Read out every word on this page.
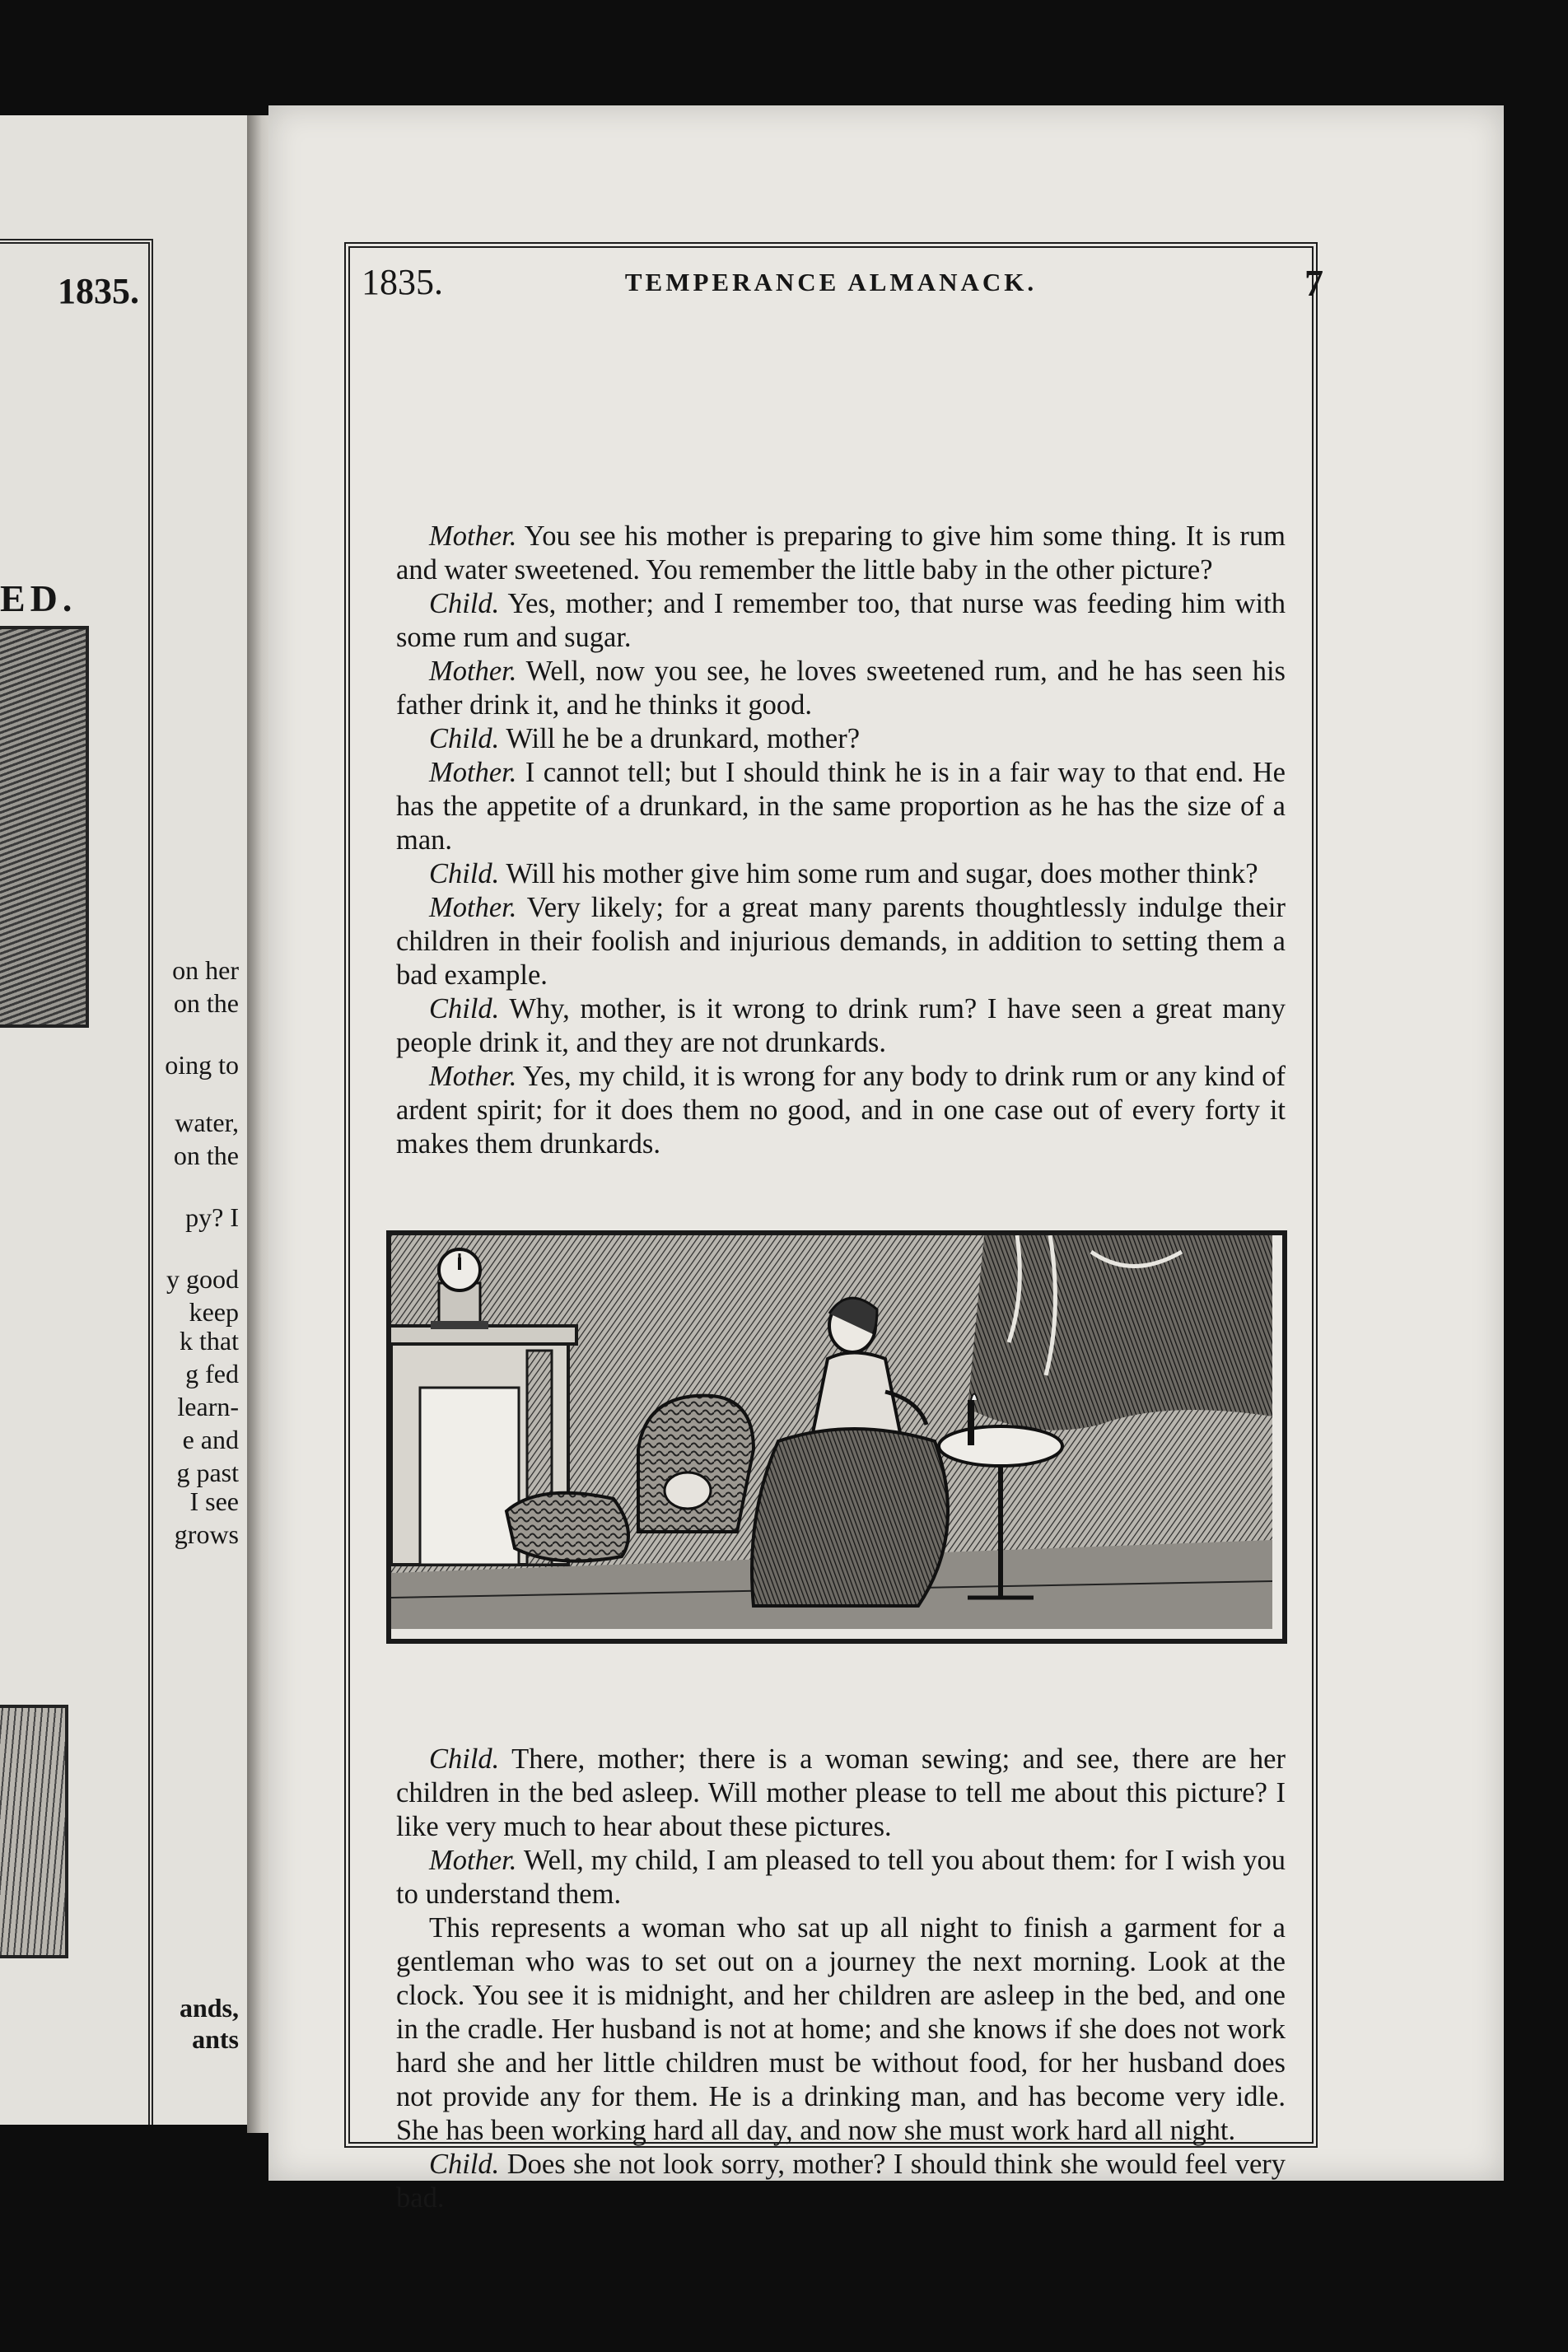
1835.
ED.
on her
on the
oing to
water,
on the
py? I
y good
keep
k that
g fed
learn-
e and
g past
I see
grows
ands,
ants
1835.	TEMPERANCE ALMANACK.	7

Mother. You see his mother is preparing to give him some thing. It is rum and water sweetened. You remember the little baby in the other picture?

Child. Yes, mother; and I remember too, that nurse was feeding him with some rum and sugar.

Mother. Well, now you see, he loves sweetened rum, and he has seen his father drink it, and he thinks it good.

Child. Will he be a drunkard, mother?

Mother. I cannot tell; but I should think he is in a fair way to that end. He has the appetite of a drunkard, in the same proportion as he has the size of a man.

Child. Will his mother give him some rum and sugar, does mother think?

Mother. Very likely; for a great many parents thoughtlessly indulge their children in their foolish and injurious demands, in addition to setting them a bad example.

Child. Why, mother, is it wrong to drink rum? I have seen a great many people drink it, and they are not drunkards.

Mother. Yes, my child, it is wrong for any body to drink rum or any kind of ardent spirit; for it does them no good, and in one case out of every forty it makes them drunkards.

Child. There, mother; there is a woman sewing; and see, there are her children in the bed asleep. Will mother please to tell me about this picture? I like very much to hear about these pictures.

Mother. Well, my child, I am pleased to tell you about them: for I wish you to understand them.

This represents a woman who sat up all night to finish a garment for a gentleman who was to set out on a journey the next morning. Look at the clock. You see it is midnight, and her children are asleep in the bed, and one in the cradle. Her husband is not at home; and she knows if she does not work hard she and her little children must be without food, for her husband does not provide any for them. He is a drinking man, and has become very idle. She has been working hard all day, and now she must work hard all night.

Child. Does she not look sorry, mother? I should think she would feel very bad.
